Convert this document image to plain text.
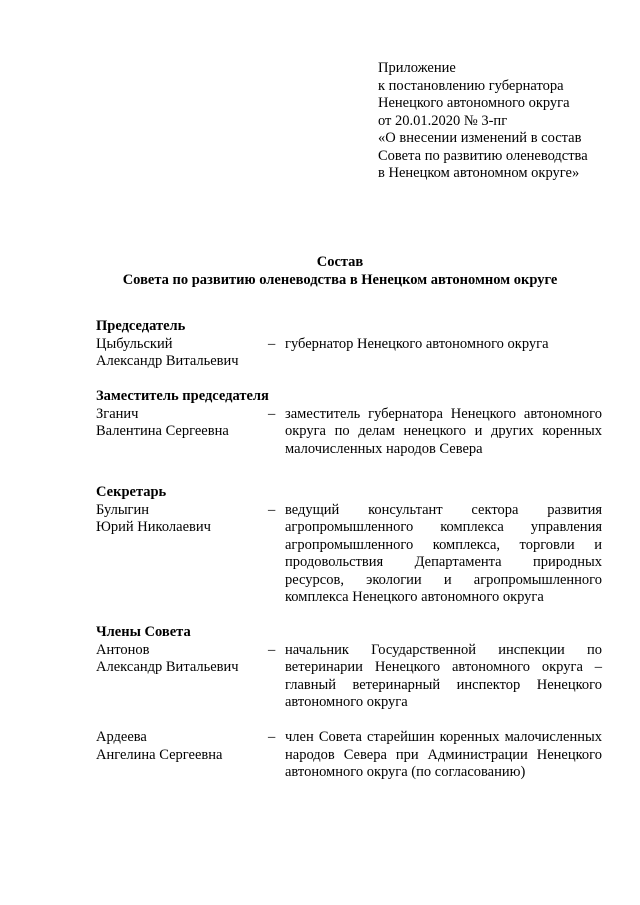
Приложение
к постановлению губернатора
Ненецкого автономного округа
от 20.01.2020 № 3-пг
«О внесении изменений в состав
Совета по развитию оленеводства
в Ненецком автономном округе»
Состав
Совета по развитию оленеводства в Ненецком автономном округе
Председатель
Цыбульский
Александр Витальевич
– губернатор Ненецкого автономного округа
Заместитель председателя
Зганич
Валентина Сергеевна
– заместитель губернатора Ненецкого автономного округа по делам ненецкого и других коренных малочисленных народов Севера
Секретарь
Булыгин
Юрий Николаевич
– ведущий консультант сектора развития агропромышленного комплекса управления агропромышленного комплекса, торговли и продовольствия Департамента природных ресурсов, экологии и агропромышленного комплекса Ненецкого автономного округа
Члены Совета
Антонов
Александр Витальевич
– начальник Государственной инспекции по ветеринарии Ненецкого автономного округа – главный ветеринарный инспектор Ненецкого автономного округа
Ардеева
Ангелина Сергеевна
– член Совета старейшин коренных малочисленных народов Севера при Администрации Ненецкого автономного округа (по согласованию)
